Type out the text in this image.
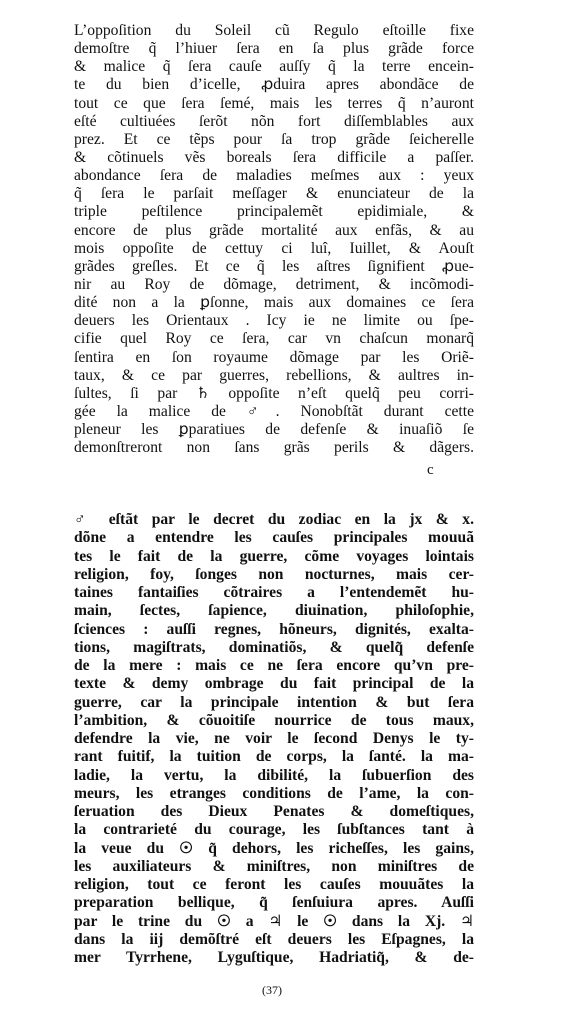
L’oppoſition du Soleil cũ Regulo eſtoille fixe
demoſtre q̃ l’hiuer ſera en ſa plus grãde force
& malice q̃ ſera cauſe auſſy q̃ la terre encein-
te du bien d’icelle, ꝓduira apres abondãce de
tout ce que ſera ſemé, mais les terres q̃ n’auront
eſté cultiuées ſerõt nõn fort diſſemblables aux
prez. Et ce tẽps pour ſa trop grãde ſeicherelle
& cõtinuels vẽs boreals ſera difficile a paſſer.
abondance ſera de maladies meſmes aux : yeux
q̃ ſera le parſait meſſager & enunciateur de la
triple peſtilence principalemẽt epidimiale, &
encore de plus grãde mortalité aux enfãs, & au
mois oppoſite de cettuy ci luî, Iuillet, & Aouſt
grãdes greſles. Et ce q̃ les aſtres ſignifient ꝓue-
nir au Roy de dõmage, detriment, & incõmodi-
dité non a la ꝑſonne, mais aux domaines ce ſera
deuers les Orientaux . Icy ie ne limite ou ſpe-
cifie quel Roy ce ſera, car vn chaſcun monarq̃
ſentira en ſon royaume dõmage par les Oriẽ-
taux, & ce par guerres, rebellions, & aultres in-
ſultes, ſi par ♄ oppoſite n’eſt quelq̃ peu corri-
gée la malice de ♂. Nonobſtãt durant cette
pleneur les ꝑparatiues de defenſe & inuaſiõ ſe
demonſtreront non ſans grãs perils & dãgers.
c
♂ eſtãt par le decret du zodiac en la jx & x.
dõne a entendre les cauſes principales mouuã
tes le fait de la guerre, cõme voyages lointais
religion, foy, ſonges non nocturnes, mais cer-
taines fantaiſies cõtraires a l’entendemẽt hu-
main, ſectes, ſapience, diuination, philoſophie,
ſciences : auſſi regnes, hõneurs, dignités, exalta-
tions, magiſtrats, dominatiõs, & quelq̃ defenſe
de la mere : mais ce ne ſera encore qu’vn pre-
texte & demy ombrage du fait principal de la
guerre, car la principale intention & but ſera
l’ambition, & cõuoitiſe nourrice de tous maux,
defendre la vie, ne voir le ſecond Denys le ty-
rant fuitif, la tuition de corps, la ſanté. la ma-
ladie, la vertu, la dibilité, la ſubuerſion des
meurs, les etranges conditions de l’ame, la con-
ſeruation des Dieux Penates & domeſtiques,
la contrarieté du courage, les ſubſtances tant à
la veue du ☉ q̃ dehors, les richeſſes, les gains,
les auxiliateurs & miniſtres, non miniſtres de
religion, tout ce feront les cauſes mouuãtes la
preparation bellique, q̃ ſenſuiura apres. Auſſi
par le trine du ☉ a ♃ le ☉ dans la Xj. ♃
dans la iij demõſtré eſt deuers les Eſpagnes, la
mer Tyrrhene, Lyguſtique, Hadriatiq̃, & de-
(37)
